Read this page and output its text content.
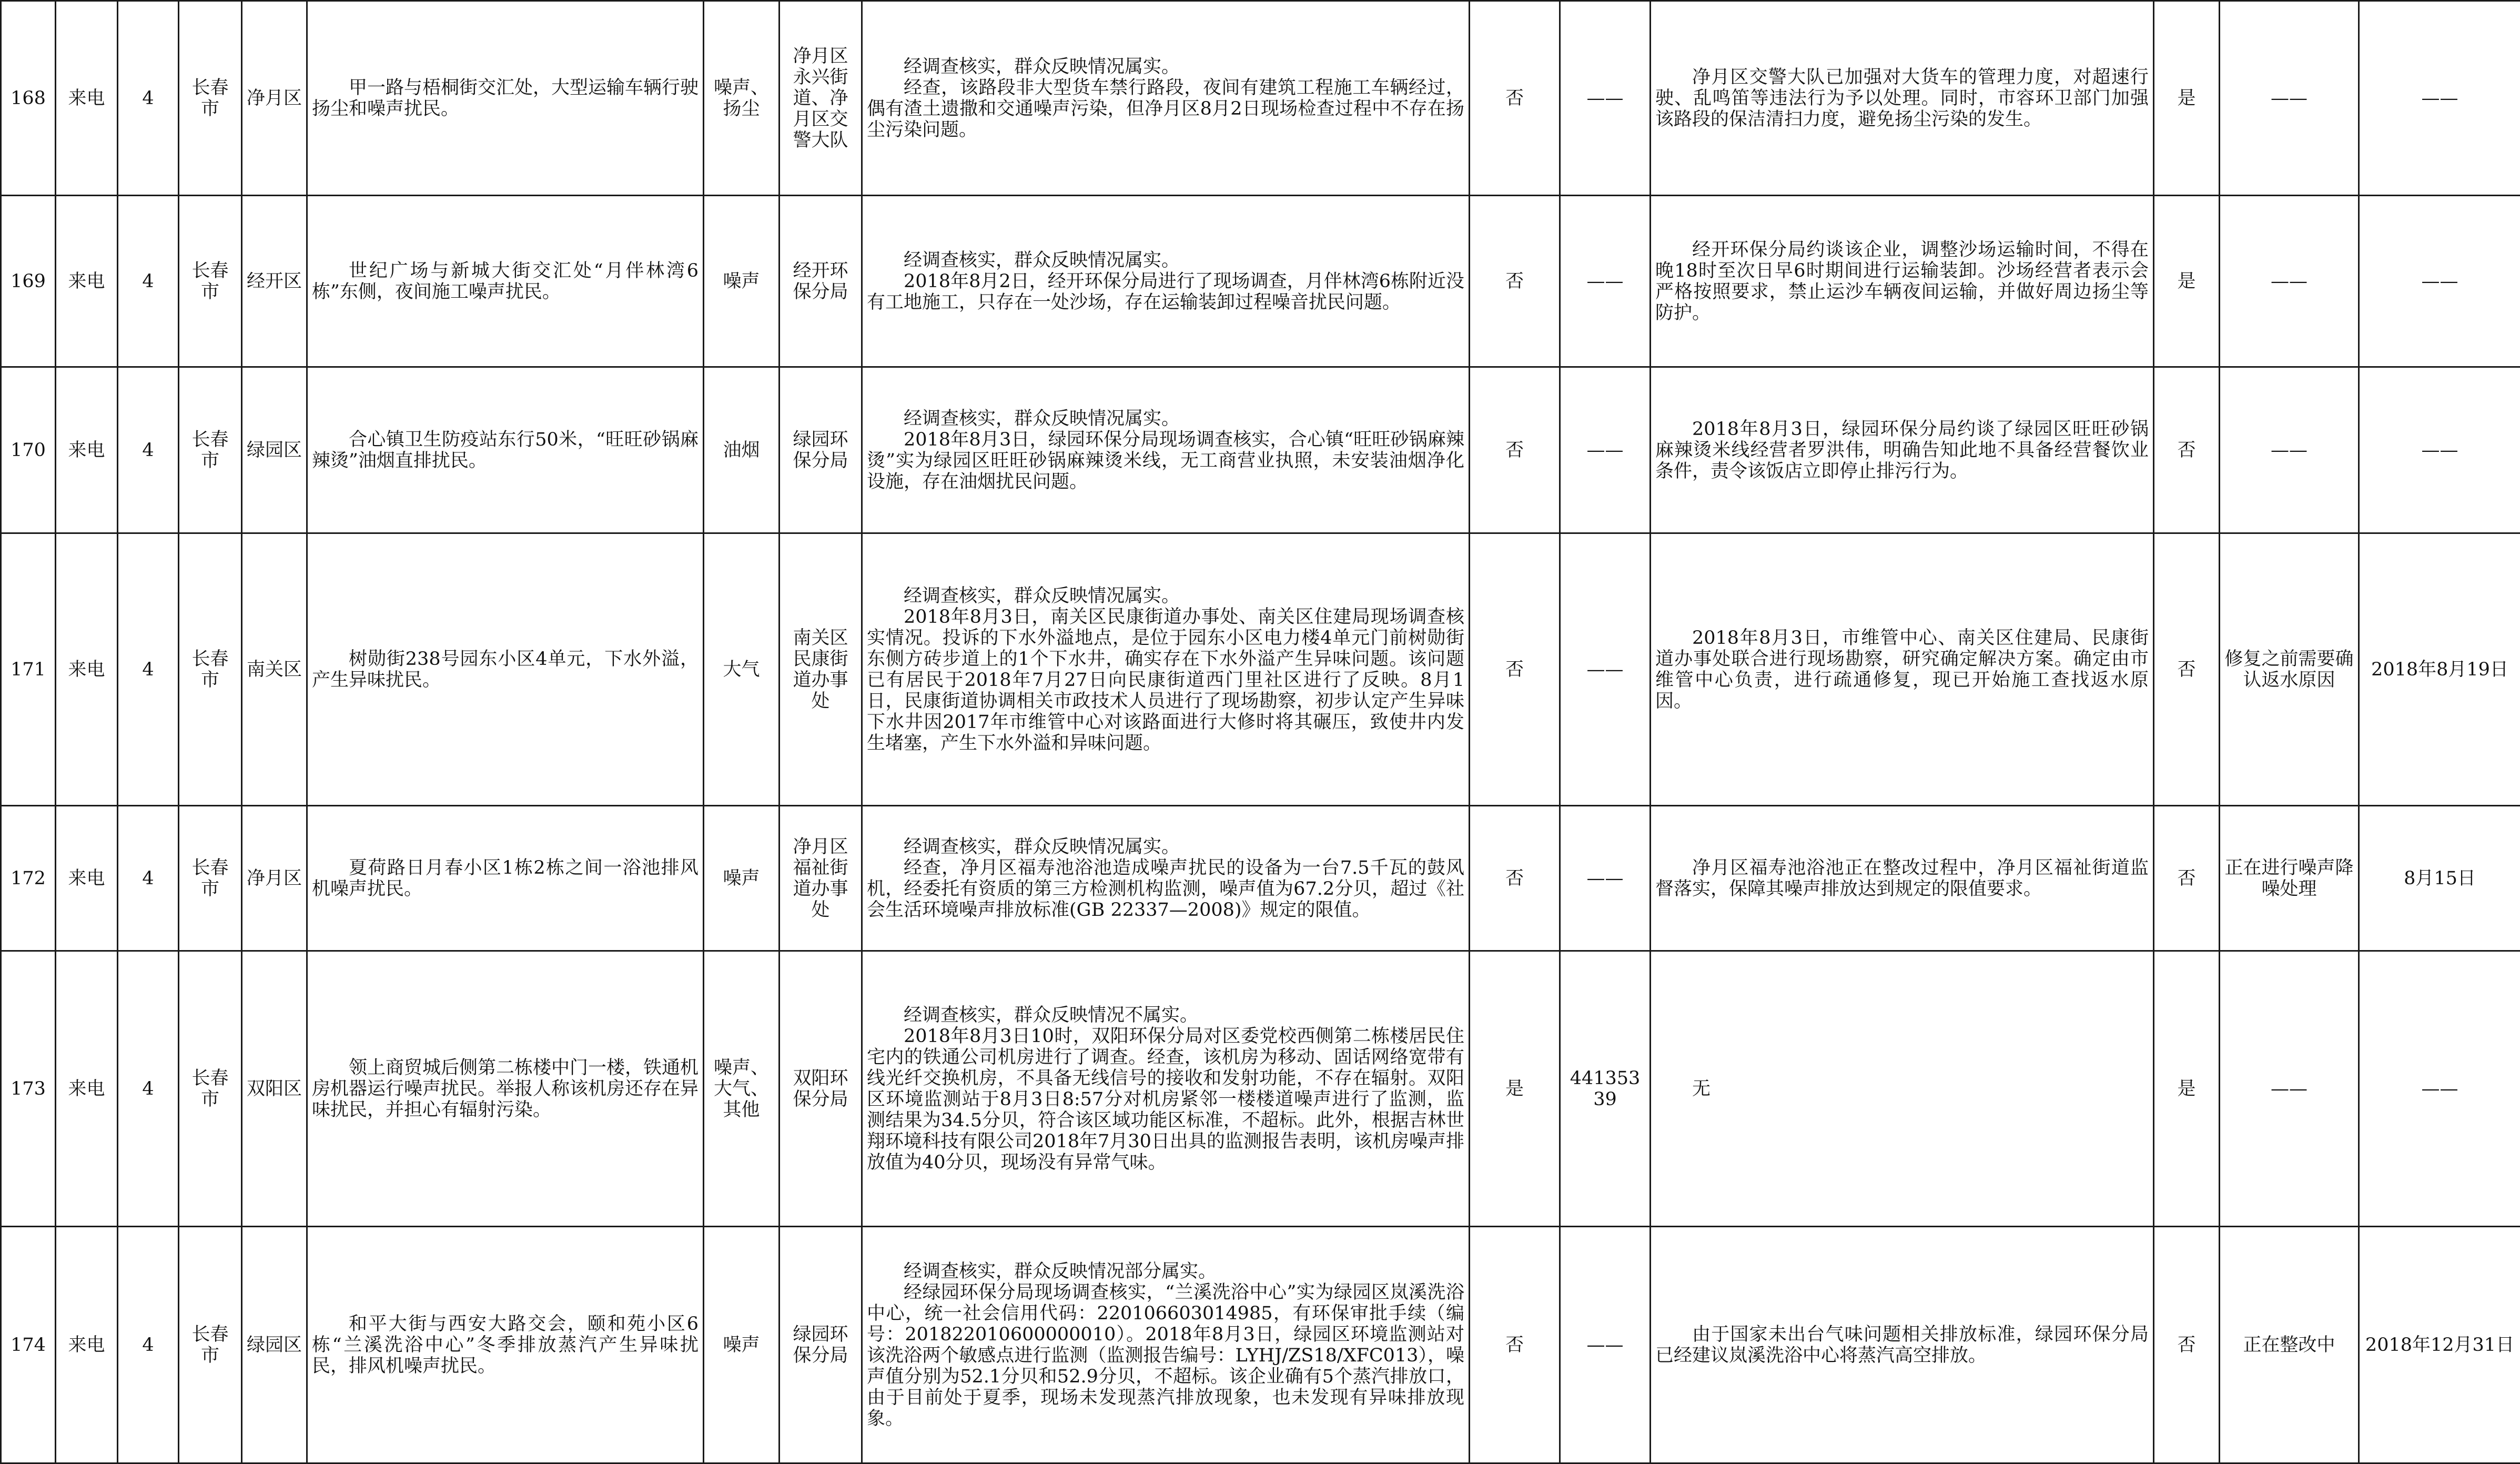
168	来电	4	长春市	净月区	甲一路与梧桐街交汇处，大型运输车辆行驶扬尘和噪声扰民。	噪声、扬尘	净月区永兴街道、净月区交警大队	经调查核实，群众反映情况属实。

经查，该路段非大型货车禁行路段，夜间有建筑工程施工车辆经过，偶有渣土遗撒和交通噪声污染，但净月区8月2日现场检查过程中不存在扬尘污染问题。	否	——	净月区交警大队已加强对大货车的管理力度，对超速行驶、乱鸣笛等违法行为予以处理。同时，市容环卫部门加强该路段的保洁清扫力度，避免扬尘污染的发生。	是	——	——
169	来电	4	长春市	经开区	世纪广场与新城大街交汇处“月伴林湾6栋”东侧，夜间施工噪声扰民。	噪声	经开环保分局	经调查核实，群众反映情况属实。

2018年8月2日，经开环保分局进行了现场调查，月伴林湾6栋附近没有工地施工，只存在一处沙场，存在运输装卸过程噪音扰民问题。	否	——	经开环保分局约谈该企业，调整沙场运输时间，不得在晚18时至次日早6时期间进行运输装卸。沙场经营者表示会严格按照要求，禁止运沙车辆夜间运输，并做好周边扬尘等防护。	是	——	——
170	来电	4	长春市	绿园区	合心镇卫生防疫站东行50米，“旺旺砂锅麻辣烫”油烟直排扰民。	油烟	绿园环保分局	经调查核实，群众反映情况属实。

2018年8月3日，绿园环保分局现场调查核实，合心镇“旺旺砂锅麻辣烫”实为绿园区旺旺砂锅麻辣烫米线，无工商营业执照，未安装油烟净化设施，存在油烟扰民问题。	否	——	2018年8月3日，绿园环保分局约谈了绿园区旺旺砂锅麻辣烫米线经营者罗洪伟，明确告知此地不具备经营餐饮业条件，责令该饭店立即停止排污行为。	否	——	——
171	来电	4	长春市	南关区	树勋街238号园东小区4单元，下水外溢，产生异味扰民。	大气	南关区民康街道办事处	经调查核实，群众反映情况属实。

2018年8月3日，南关区民康街道办事处、南关区住建局现场调查核实情况。投诉的下水外溢地点，是位于园东小区电力楼4单元门前树勋街东侧方砖步道上的1个下水井，确实存在下水外溢产生异味问题。该问题已有居民于2018年7月27日向民康街道西门里社区进行了反映。8月1日，民康街道协调相关市政技术人员进行了现场勘察，初步认定产生异味下水井因2017年市维管中心对该路面进行大修时将其碾压，致使井内发生堵塞，产生下水外溢和异味问题。	否	——	2018年8月3日，市维管中心、南关区住建局、民康街道办事处联合进行现场勘察，研究确定解决方案。确定由市维管中心负责，进行疏通修复，现已开始施工查找返水原因。	否	修复之前需要确认返水原因	2018年8月19日
172	来电	4	长春市	净月区	夏荷路日月春小区1栋2栋之间一浴池排风机噪声扰民。	噪声	净月区福祉街道办事处	经调查核实，群众反映情况属实。

经查，净月区福寿池浴池造成噪声扰民的设备为一台7.5千瓦的鼓风机，经委托有资质的第三方检测机构监测，噪声值为67.2分贝，超过《社会生活环境噪声排放标准(GB 22337—2008)》规定的限值。	否	——	净月区福寿池浴池正在整改过程中，净月区福祉街道监督落实，保障其噪声排放达到规定的限值要求。	否	正在进行噪声降噪处理	8月15日
173	来电	4	长春市	双阳区	领上商贸城后侧第二栋楼中门一楼，铁通机房机器运行噪声扰民。举报人称该机房还存在异味扰民，并担心有辐射污染。	噪声、大气、其他	双阳环保分局	经调查核实，群众反映情况不属实。

2018年8月3日10时，双阳环保分局对区委党校西侧第二栋楼居民住宅内的铁通公司机房进行了调查。经查，该机房为移动、固话网络宽带有线光纤交换机房，不具备无线信号的接收和发射功能，不存在辐射。双阳区环境监测站于8月3日8:57分对机房紧邻一楼楼道噪声进行了监测，监测结果为34.5分贝，符合该区域功能区标准，不超标。此外，根据吉林世翔环境科技有限公司2018年7月30日出具的监测报告表明，该机房噪声排放值为40分贝，现场没有异常气味。	是	44135339	无	是	——	——
174	来电	4	长春市	绿园区	和平大街与西安大路交会，颐和苑小区6栋“兰溪洗浴中心”冬季排放蒸汽产生异味扰民，排风机噪声扰民。	噪声	绿园环保分局	经调查核实，群众反映情况部分属实。

经绿园环保分局现场调查核实，“兰溪洗浴中心”实为绿园区岚溪洗浴中心，统一社会信用代码：220106603014985，有环保审批手续（编号：201822010600000010）。2018年8月3日，绿园区环境监测站对该洗浴两个敏感点进行监测（监测报告编号：LYHJ/ZS18/XFC013），噪声值分别为52.1分贝和52.9分贝，不超标。该企业确有5个蒸汽排放口，由于目前处于夏季，现场未发现蒸汽排放现象，也未发现有异味排放现象。	否	——	由于国家未出台气味问题相关排放标准，绿园环保分局已经建议岚溪洗浴中心将蒸汽高空排放。	否	正在整改中	2018年12月31日
